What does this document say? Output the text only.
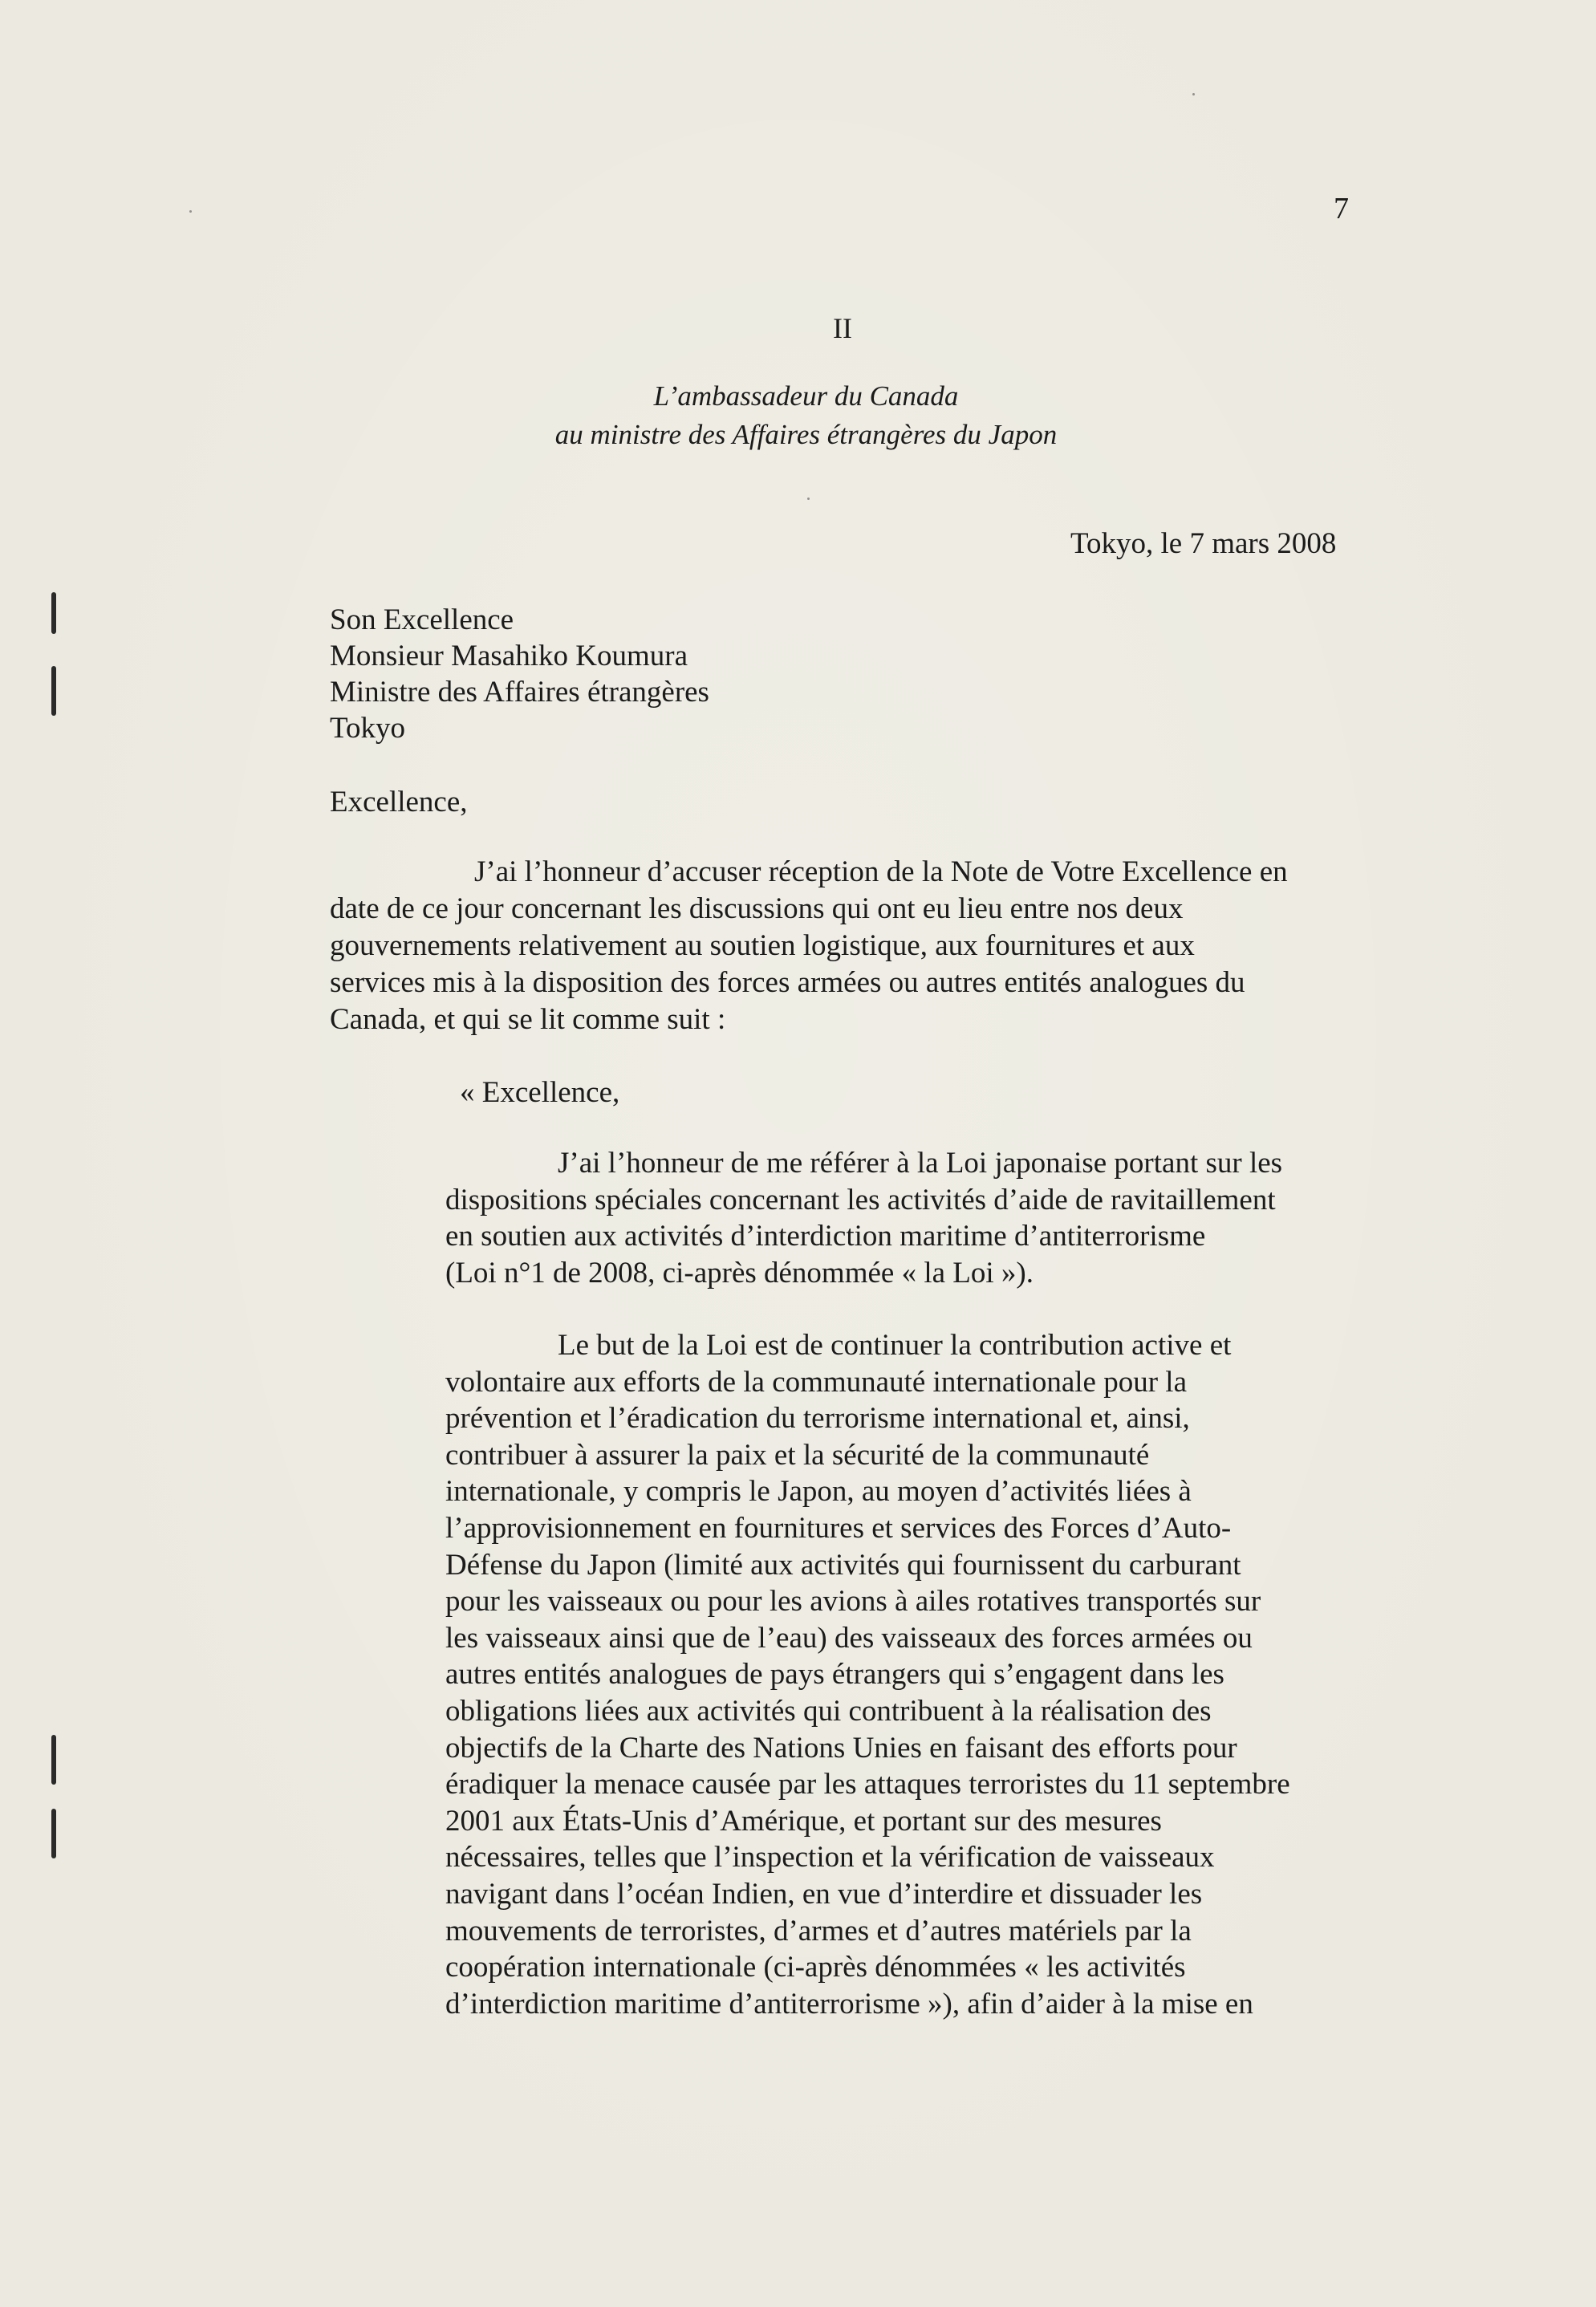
7
II
L’ambassadeur du Canada
au ministre des Affaires étrangères du Japon
Tokyo, le 7 mars 2008
Son Excellence
Monsieur Masahiko Koumura
Ministre des Affaires étrangères
Tokyo
Excellence,
J’ai l’honneur d’accuser réception de la Note de Votre Excellence en
date de ce jour concernant les discussions qui ont eu lieu entre nos deux
gouvernements relativement au soutien logistique, aux fournitures et aux
services mis à la disposition des forces armées ou autres entités analogues du
Canada, et qui se lit comme suit :
« Excellence,
J’ai l’honneur de me référer à la Loi japonaise portant sur les
dispositions spéciales concernant les activités d’aide de ravitaillement
en soutien aux activités d’interdiction maritime d’antiterrorisme
(Loi n°1 de 2008, ci-après dénommée « la Loi »).
Le but de la Loi est de continuer la contribution active et
volontaire aux efforts de la communauté internationale pour la
prévention et l’éradication du terrorisme international et, ainsi,
contribuer à assurer la paix et la sécurité de la communauté
internationale, y compris le Japon, au moyen d’activités liées à
l’approvisionnement en fournitures et services des Forces d’Auto-
Défense du Japon (limité aux activités qui fournissent du carburant
pour les vaisseaux ou pour les avions à ailes rotatives transportés sur
les vaisseaux ainsi que de l’eau) des vaisseaux des forces armées ou
autres entités analogues de pays étrangers qui s’engagent dans les
obligations liées aux activités qui contribuent à la réalisation des
objectifs de la Charte des Nations Unies en faisant des efforts pour
éradiquer la menace causée par les attaques terroristes du 11 septembre
2001 aux États-Unis d’Amérique, et portant sur des mesures
nécessaires, telles que l’inspection et la vérification de vaisseaux
navigant dans l’océan Indien, en vue d’interdire et dissuader les
mouvements de terroristes, d’armes et d’autres matériels par la
coopération internationale (ci-après dénommées « les activités
d’interdiction maritime d’antiterrorisme »), afin d’aider à la mise en
